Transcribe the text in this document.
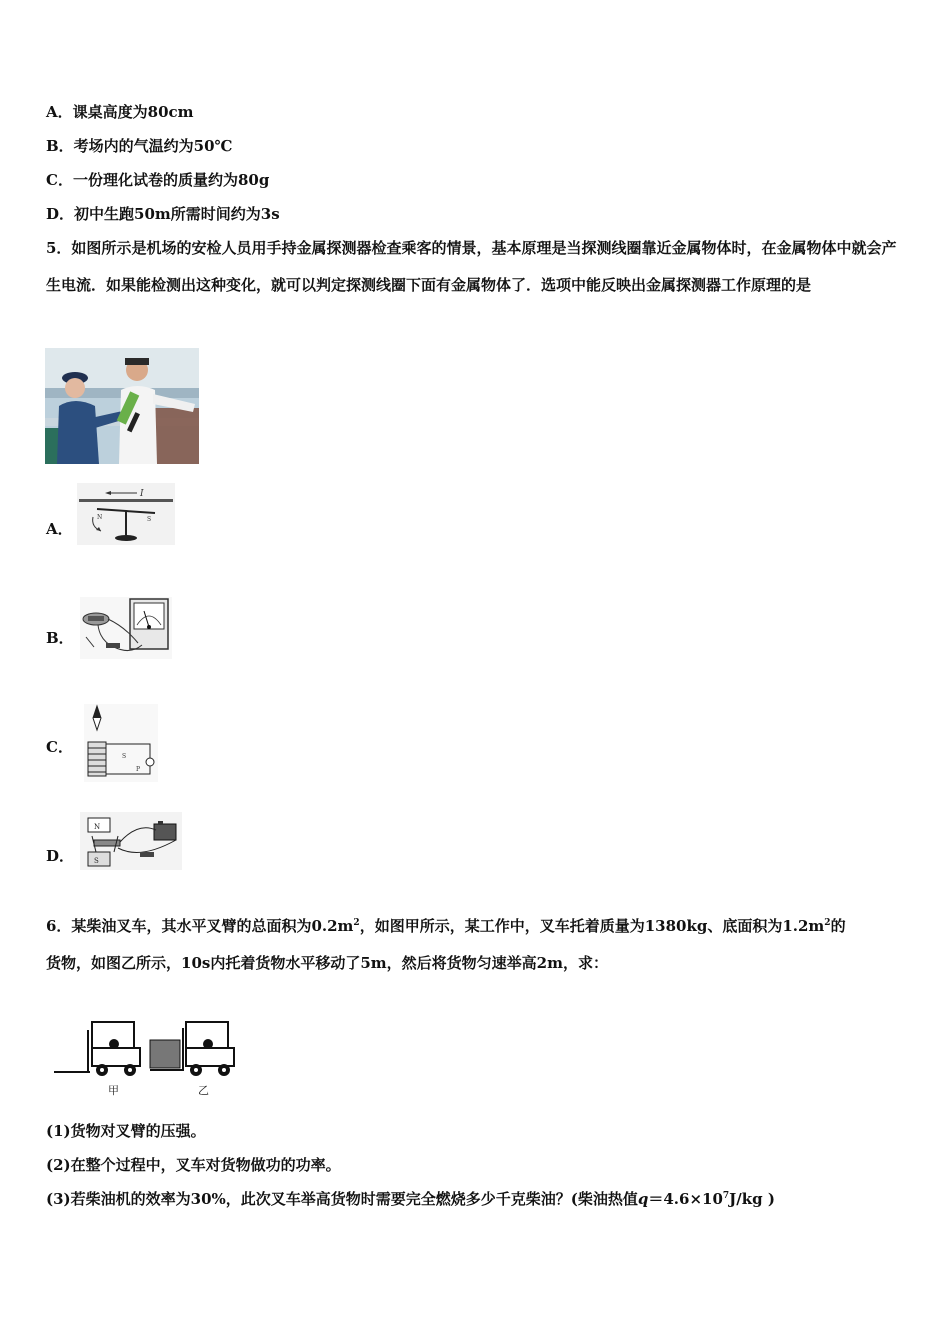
A．课桌高度为80cm
B．考场内的气温约为50℃
C．一份理化试卷的质量约为80g
D．初中生跑50m所需时间约为3s
5．如图所示是机场的安检人员用手持金属探测器检查乘客的情景，基本原理是当探测线圈靠近金属物体时，在金属物体中就会产生电流．如果能检测出这种变化，就可以判定探测线圈下面有金属物体了．选项中能反映出金属探测器工作原理的是
A．
I
N	S
B．
C．
S
P
D．
N
S
6．某柴油叉车，其水平叉臂的总面积为$0.2m^2$，如图甲所示，某工作中，叉车托着质量为1380kg、底面积为$1.2m^2$的
货物，如图乙所示，10s内托着货物水平移动了5m，然后将货物匀速举高2m，求：
甲	乙
(1)货物对叉臂的压强。
(2)在整个过程中，叉车对货物做功的功率。
(3)若柴油机的效率为30%，此次叉车举高货物时需要完全燃烧多少千克柴油？(柴油热值$q=4.6\times 10^7J/kg$ )
